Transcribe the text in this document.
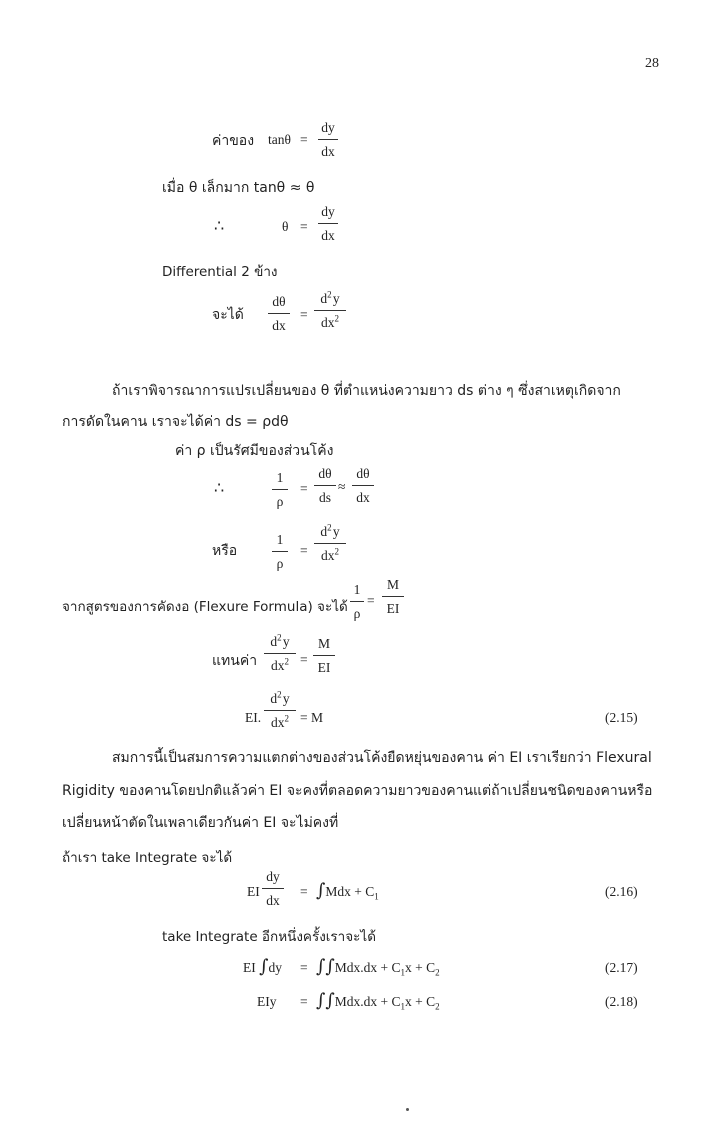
28
ค่าของ tanθ =
dy
dx
เมื่อ θ เล็กมาก tanθ ≈ θ
∴	θ =
dy
dx
Differential 2 ข้าง
จะได้
dθ
dx
=
$d^2$ y
$dx^2$
ถ้าเราพิจารณาการแปรเปลี่ยนของ θ ที่ตำแหน่งความยาว ds ต่าง ๆ ซึ่งสาเหตุเกิดจาก
การดัดในคาน เราจะได้ค่า ds = ρdθ
ค่า ρ เป็นรัศมีของส่วนโค้ง
∴
1
ρ
=
dθ
ds
≈
dθ
dx
หรือ
1
ρ
=
$d^2$ y
$dx^2$
จากสูตรของการคัดงอ (Flexure Formula) จะได้
1
ρ
=
M
EI
แทนค่า
$d^2$ y
$dx^2$ =
M
EI
EI.
$d^2$ y
$dx^2 = M$	(2.15)
สมการนี้เป็นสมการความแตกต่างของส่วนโค้งยืดหยุ่นของคาน ค่า EI เราเรียกว่า Flexural
Rigidity ของคานโดยปกติแล้วค่า EI จะคงที่ตลอดความยาวของคานแต่ถ้าเปลี่ยนชนิดของคานหรือ
เปลี่ยนหน้าตัดในเพลาเดียวกันค่า EI จะไม่คงที่
ถ้าเรา take Integrate จะได้
EI
dy
dx
= $\int Mdx + C_1$	(2.16)
take Integrate อีกหนึ่งครั้งเราจะได้
EI $\int dy = \int\int Mdx.dx + C_1x + C_2$	(2.17)
EIy = $\int\int Mdx.dx + C_1x + C_2$	(2.18)
